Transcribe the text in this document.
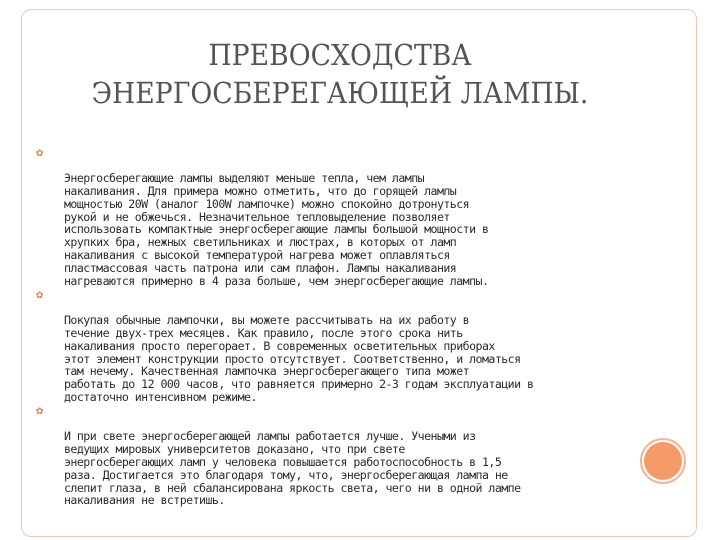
ПРЕВОСХОДСТВА
ЭНЕРГОСБЕРЕГАЮЩЕЙ ЛАМПЫ.

✿

Энергосберегающие лампы выделяют меньше тепла, чем лампы
накаливания. Для примера можно отметить, что до горящей лампы
мощностью 20W (аналог 100W лампочке) можно спокойно дотронуться
рукой и не обжечься. Незначительное тепловыделение позволяет
использовать компактные энергосберегающие лампы большой мощности в
хрупких бра, нежных светильниках и люстрах, в которых от ламп
накаливания с высокой температурой нагрева может оплавляться
пластмассовая часть патрона или сам плафон. Лампы накаливания
нагреваются примерно в 4 раза больше, чем энергосберегающие лампы.

✿

Покупая обычные лампочки, вы можете рассчитывать на их работу в
течение двух-трех месяцев. Как правило, после этого срока нить
накаливания просто перегорает. В современных осветительных приборах
этот элемент конструкции просто отсутствует. Соответственно, и ломаться
там нечему. Качественная лампочка энергосберегающего типа может
работать до 12 000 часов, что равняется примерно 2-3 годам эксплуатации в
достаточно интенсивном режиме.

✿

И при свете энергосберегающей лампы работается лучше. Учеными из
ведущих мировых университетов доказано, что при свете
энергосберегающих ламп у человека повышается работоспособность в 1,5
раза. Достигается это благодаря тому, что, энергосберегающая лампа не
слепит глаза, в ней сбалансирована яркость света, чего ни в одной лампе
накаливания не встретишь.
